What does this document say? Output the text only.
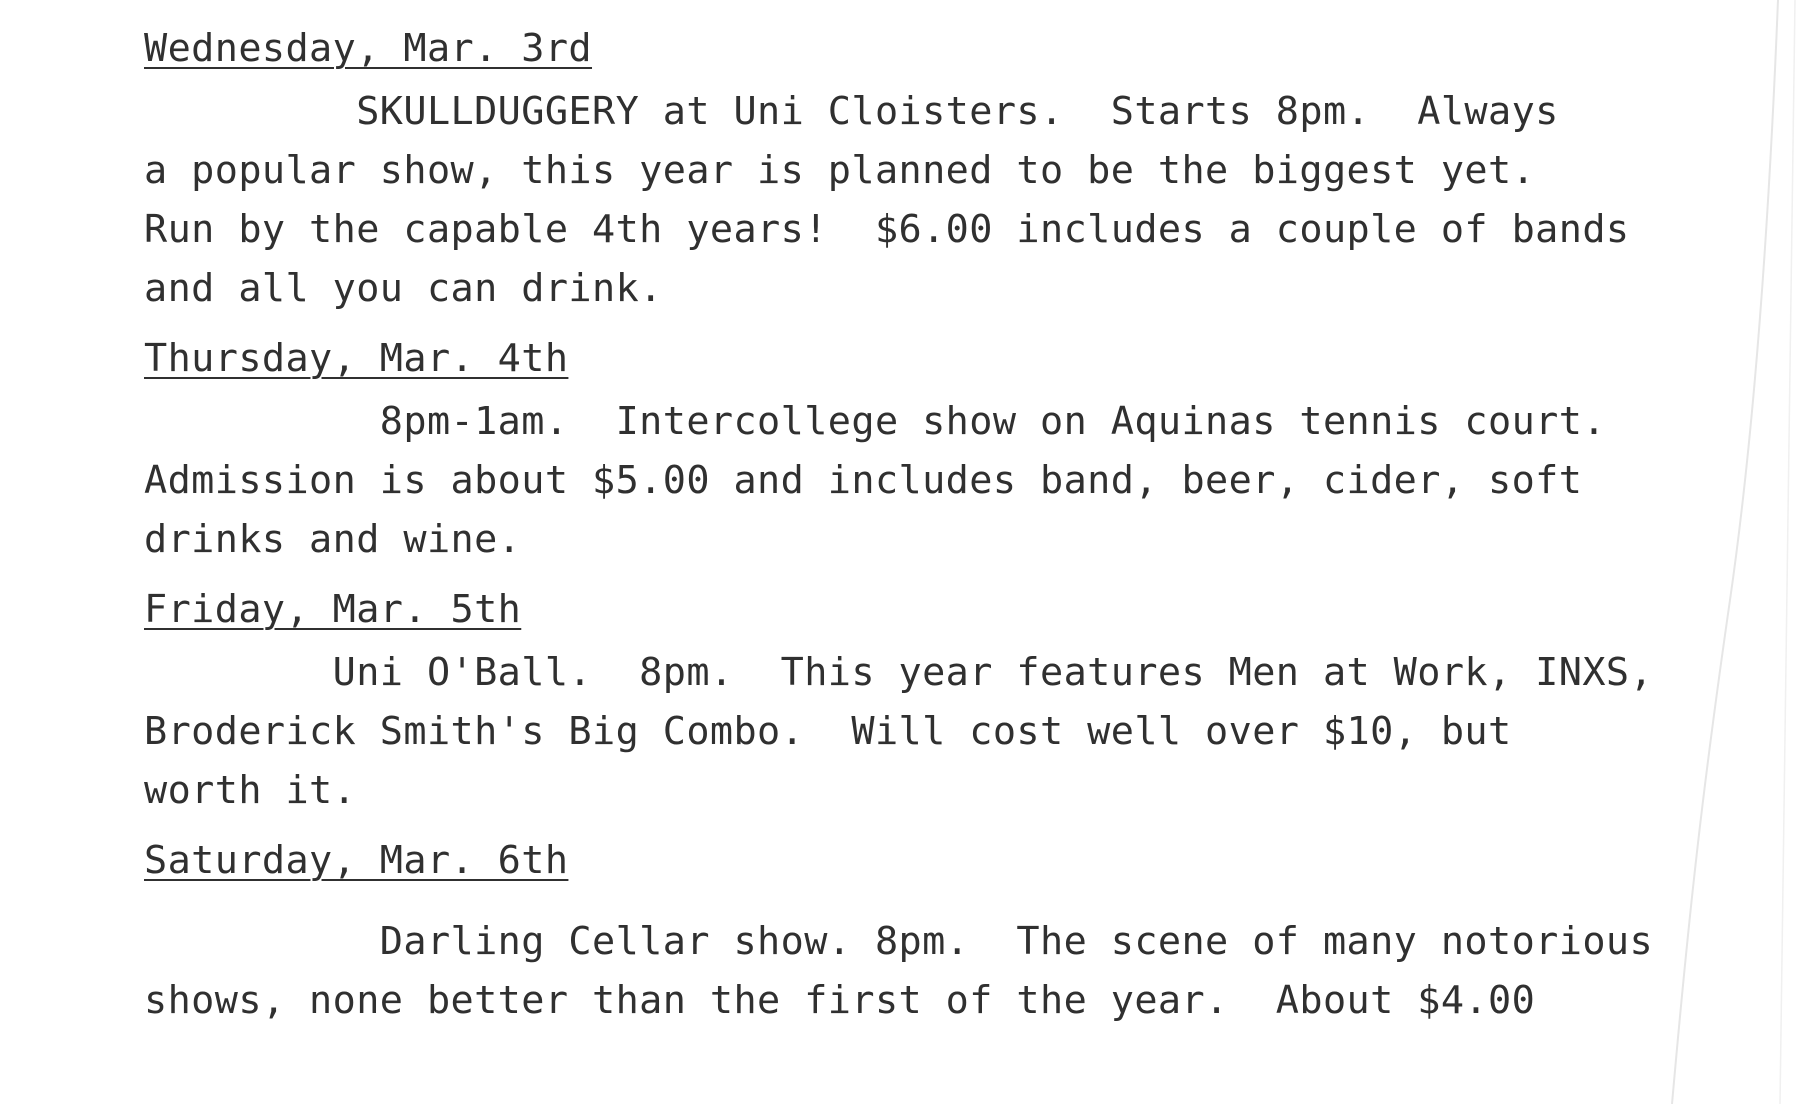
Wednesday, Mar. 3rd
SKULLDUGGERY at Uni Cloisters.  Starts 8pm.  Always
a popular show, this year is planned to be the biggest yet.
Run by the capable 4th years!  $6.00 includes a couple of bands
and all you can drink.
Thursday, Mar. 4th
8pm-1am.  Intercollege show on Aquinas tennis court.
Admission is about $5.00 and includes band, beer, cider, soft
drinks and wine.
Friday, Mar. 5th
Uni O'Ball.  8pm.  This year features Men at Work, INXS,
Broderick Smith's Big Combo.  Will cost well over $10, but
worth it.
Saturday, Mar. 6th
Darling Cellar show. 8pm.  The scene of many notorious
shows, none better than the first of the year.  About $4.00
